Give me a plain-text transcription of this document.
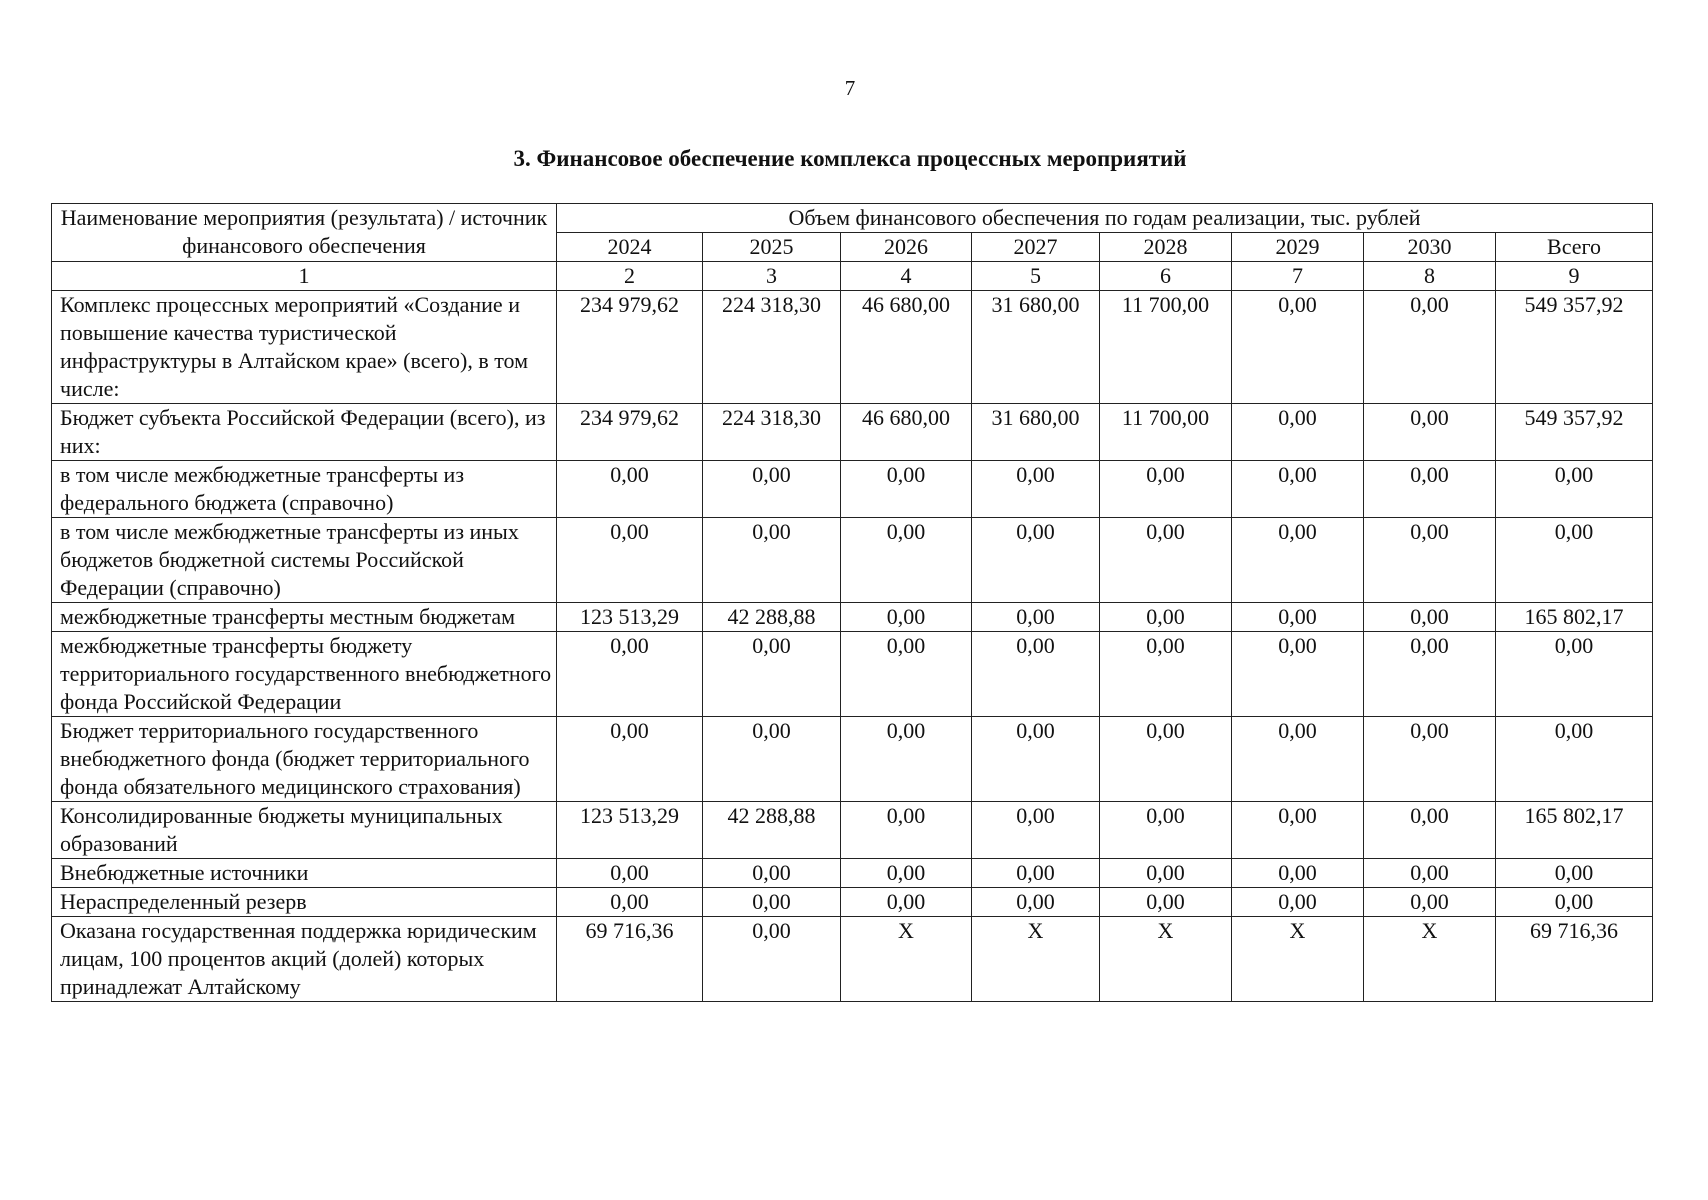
7
3. Финансовое обеспечение комплекса процессных мероприятий
Наименование мероприятия (результата) / источник финансового обеспечения	Объем финансового обеспечения по годам реализации, тыс. рублей							
	2024	2025	2026	2027	2028	2029	2030	Всего
1	2	3	4	5	6	7	8	9
Комплекс процессных мероприятий «Создание и повышение качества туристической инфраструктуры в Алтайском крае» (всего), в том числе:	234 979,62	224 318,30	46 680,00	31 680,00	11 700,00	0,00	0,00	549 357,92
Бюджет субъекта Российской Федерации (всего), из них:	234 979,62	224 318,30	46 680,00	31 680,00	11 700,00	0,00	0,00	549 357,92
в том числе межбюджетные трансферты из федерального бюджета (справочно)	0,00	0,00	0,00	0,00	0,00	0,00	0,00	0,00
в том числе межбюджетные трансферты из иных бюджетов бюджетной системы Российской Федерации (справочно)	0,00	0,00	0,00	0,00	0,00	0,00	0,00	0,00
межбюджетные трансферты местным бюджетам	123 513,29	42 288,88	0,00	0,00	0,00	0,00	0,00	165 802,17
межбюджетные трансферты бюджету территориального государственного внебюджетного фонда Российской Федерации	0,00	0,00	0,00	0,00	0,00	0,00	0,00	0,00
Бюджет территориального государственного внебюджетного фонда (бюджет территориального фонда обязательного медицинского страхования)	0,00	0,00	0,00	0,00	0,00	0,00	0,00	0,00
Консолидированные бюджеты муниципальных образований	123 513,29	42 288,88	0,00	0,00	0,00	0,00	0,00	165 802,17
Внебюджетные источники	0,00	0,00	0,00	0,00	0,00	0,00	0,00	0,00
Нераспределенный резерв	0,00	0,00	0,00	0,00	0,00	0,00	0,00	0,00
Оказана государственная поддержка юридическим лицам, 100 процентов акций (долей) которых принадлежат Алтайскому	69 716,36	0,00	X	X	X	X	X	69 716,36
